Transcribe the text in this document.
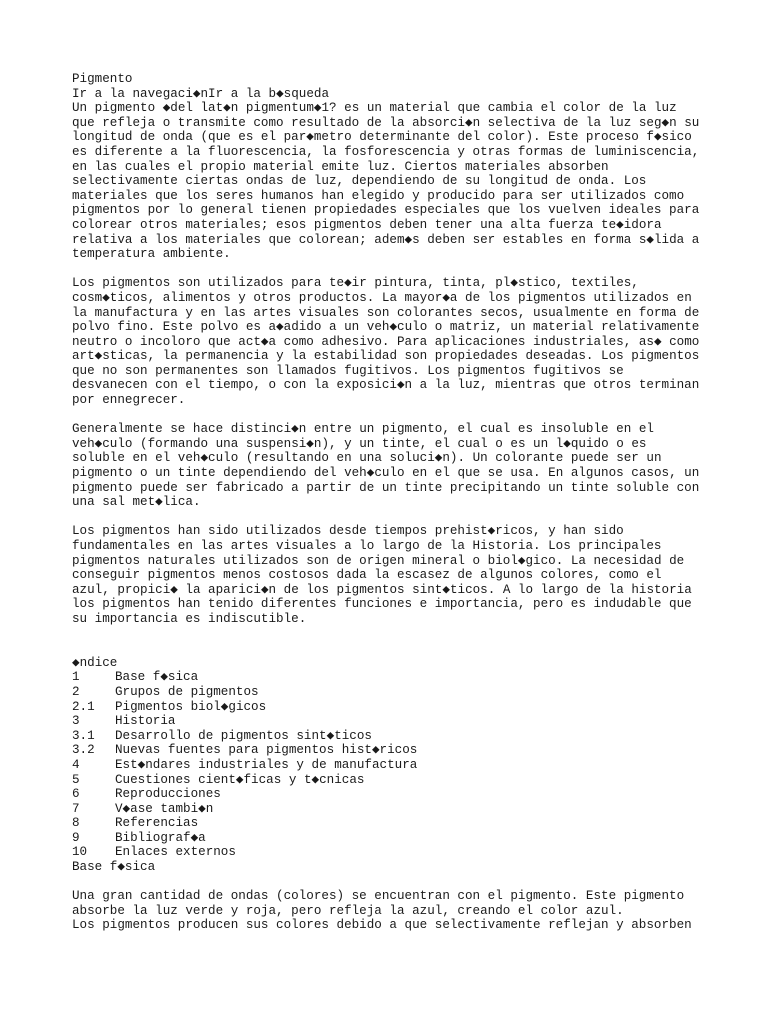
Pigmento
Ir a la navegaci◆nIr a la b◆squeda
Un pigmento ◆del lat◆n pigmentum◆1? es un material que cambia el color de la luz
que refleja o transmite como resultado de la absorci◆n selectiva de la luz seg◆n su
longitud de onda (que es el par◆metro determinante del color). Este proceso f◆sico
es diferente a la fluorescencia, la fosforescencia y otras formas de luminiscencia,
en las cuales el propio material emite luz. Ciertos materiales absorben
selectivamente ciertas ondas de luz, dependiendo de su longitud de onda. Los
materiales que los seres humanos han elegido y producido para ser utilizados como
pigmentos por lo general tienen propiedades especiales que los vuelven ideales para
colorear otros materiales; esos pigmentos deben tener una alta fuerza te◆idora
relativa a los materiales que colorean; adem◆s deben ser estables en forma s◆lida a
temperatura ambiente.
Los pigmentos son utilizados para te◆ir pintura, tinta, pl◆stico, textiles,
cosm◆ticos, alimentos y otros productos. La mayor◆a de los pigmentos utilizados en
la manufactura y en las artes visuales son colorantes secos, usualmente en forma de
polvo fino. Este polvo es a◆adido a un veh◆culo o matriz, un material relativamente
neutro o incoloro que act◆a como adhesivo. Para aplicaciones industriales, as◆ como
art◆sticas, la permanencia y la estabilidad son propiedades deseadas. Los pigmentos
que no son permanentes son llamados fugitivos. Los pigmentos fugitivos se
desvanecen con el tiempo, o con la exposici◆n a la luz, mientras que otros terminan
por ennegrecer.
Generalmente se hace distinci◆n entre un pigmento, el cual es insoluble en el
veh◆culo (formando una suspensi◆n), y un tinte, el cual o es un l◆quido o es
soluble en el veh◆culo (resultando en una soluci◆n). Un colorante puede ser un
pigmento o un tinte dependiendo del veh◆culo en el que se usa. En algunos casos, un
pigmento puede ser fabricado a partir de un tinte precipitando un tinte soluble con
una sal met◆lica.
Los pigmentos han sido utilizados desde tiempos prehist◆ricos, y han sido
fundamentales en las artes visuales a lo largo de la Historia. Los principales
pigmentos naturales utilizados son de origen mineral o biol◆gico. La necesidad de
conseguir pigmentos menos costosos dada la escasez de algunos colores, como el
azul, propici◆ la aparici◆n de los pigmentos sint◆ticos. A lo largo de la historia
los pigmentos han tenido diferentes funciones e importancia, pero es indudable que
su importancia es indiscutible.
◆ndice
1	Base f◆sica
2	Grupos de pigmentos
2.1	Pigmentos biol◆gicos
3	Historia
3.1	Desarrollo de pigmentos sint◆ticos
3.2	Nuevas fuentes para pigmentos hist◆ricos
4	Est◆ndares industriales y de manufactura
5	Cuestiones cient◆ficas y t◆cnicas
6	Reproducciones
7	V◆ase tambi◆n
8	Referencias
9	Bibliograf◆a
10	Enlaces externos
Base f◆sica
Una gran cantidad de ondas (colores) se encuentran con el pigmento. Este pigmento
absorbe la luz verde y roja, pero refleja la azul, creando el color azul.
Los pigmentos producen sus colores debido a que selectivamente reflejan y absorben
